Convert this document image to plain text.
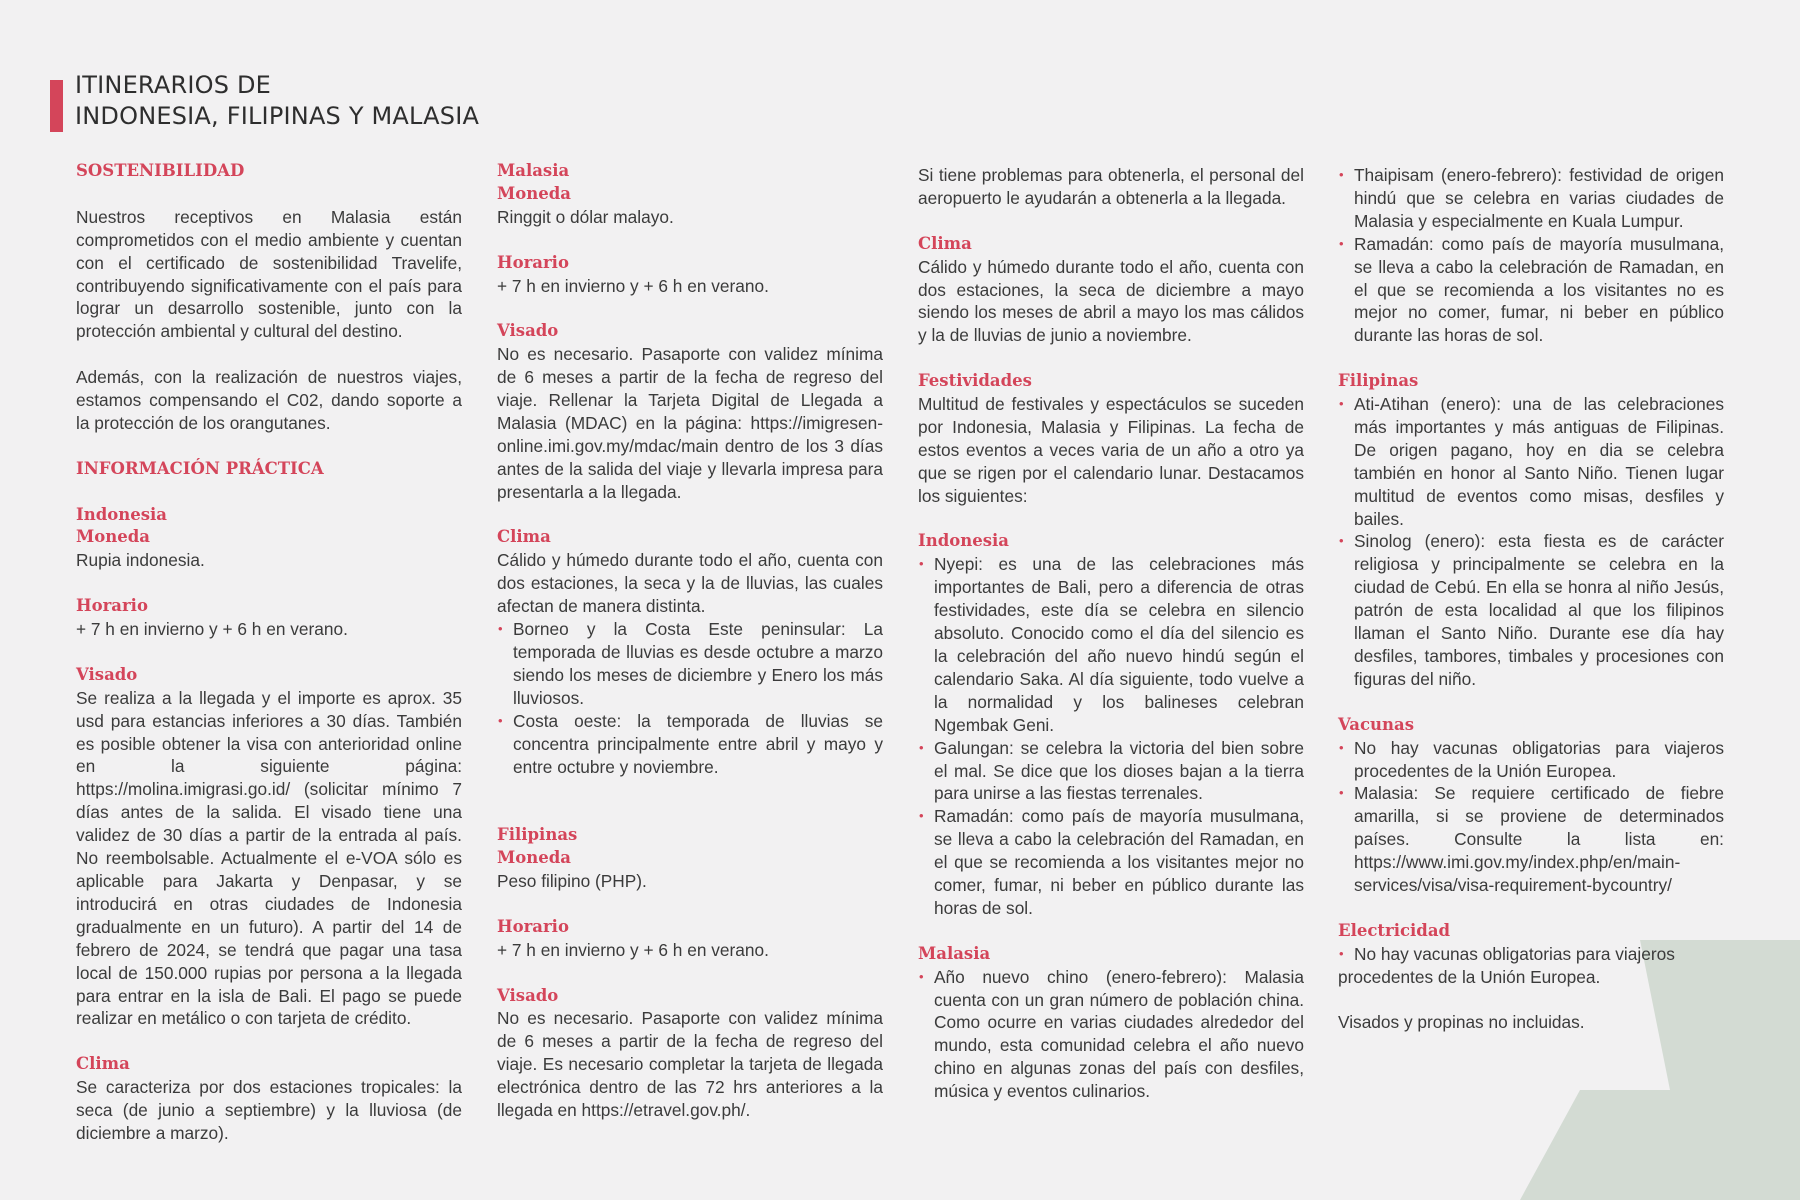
ITINERARIOS DE
INDONESIA, FILIPINAS Y MALASIA

SOSTENIBILIDAD

Nuestros receptivos en Malasia están comprometidos con el medio ambiente y cuentan con el certificado de sostenibilidad Travelife, contribuyendo significativamente con el país para lograr un desarrollo sostenible, junto con la protección ambiental y cultural del destino.

Además, con la realización de nuestros viajes, estamos compensando el C02, dando soporte a la protección de los orangutanes.

INFORMACIÓN PRÁCTICA

Indonesia

Moneda

Rupia indonesia.

Horario

+ 7 h en invierno y + 6 h en verano.

Visado

Se realiza a la llegada y el importe es aprox. 35 usd para estancias inferiores a 30 días. También es posible obtener la visa con anterioridad online en la siguiente página: https://molina.imigrasi.go.id/ (solicitar mínimo 7 días antes de la salida. El visado tiene una validez de 30 días a partir de la entrada al país. No reembolsable. Actualmente el e-VOA sólo es aplicable para Jakarta y Denpasar, y se introducirá en otras ciudades de Indonesia gradualmente en un futuro). A partir del 14 de febrero de 2024, se tendrá que pagar una tasa local de 150.000 rupias por persona a la llegada para entrar en la isla de Bali. El pago se puede realizar en metálico o con tarjeta de crédito.

Clima

Se caracteriza por dos estaciones tropicales: la seca (de junio a septiembre) y la lluviosa (de diciembre a marzo).

Malasia

Moneda

Ringgit o dólar malayo.

Horario

+ 7 h en invierno y + 6 h en verano.

Visado

No es necesario. Pasaporte con validez mínima de 6 meses a partir de la fecha de regreso del viaje. Rellenar la Tarjeta Digital de Llegada a Malasia (MDAC) en la página: https://imigresen-online.imi.gov.my/mdac/main dentro de los 3 días antes de la salida del viaje y llevarla impresa para presentarla a la llegada.

Clima

Cálido y húmedo durante todo el año, cuenta con dos estaciones, la seca y la de lluvias, las cuales afectan de manera distinta.

• Borneo y la Costa Este peninsular: La temporada de lluvias es desde octubre a marzo siendo los meses de diciembre y Enero los más lluviosos.
• Costa oeste: la temporada de lluvias se concentra principalmente entre abril y mayo y entre octubre y noviembre.

Filipinas

Moneda

Peso filipino (PHP).

Horario

+ 7 h en invierno y + 6 h en verano.

Visado

No es necesario. Pasaporte con validez mínima de 6 meses a partir de la fecha de regreso del viaje. Es necesario completar la tarjeta de llegada electrónica dentro de las 72 hrs anteriores a la llegada en https://etravel.gov.ph/.

Si tiene problemas para obtenerla, el personal del aeropuerto le ayudarán a obtenerla a la llegada.

Clima

Cálido y húmedo durante todo el año, cuenta con dos estaciones, la seca de diciembre a mayo siendo los meses de abril a mayo los mas cálidos y la de lluvias de junio a noviembre.

Festividades

Multitud de festivales y espectáculos se suceden por Indonesia, Malasia y Filipinas. La fecha de estos eventos a veces varia de un año a otro ya que se rigen por el calendario lunar. Destacamos los siguientes:

Indonesia

• Nyepi: es una de las celebraciones más importantes de Bali, pero a diferencia de otras festividades, este día se celebra en silencio absoluto. Conocido como el día del silencio es la celebración del año nuevo hindú según el calendario Saka. Al día siguiente, todo vuelve a la normalidad y los balineses celebran Ngembak Geni.
• Galungan: se celebra la victoria del bien sobre el mal. Se dice que los dioses bajan a la tierra para unirse a las fiestas terrenales.
• Ramadán: como país de mayoría musulmana, se lleva a cabo la celebración del Ramadan, en el que se recomienda a los visitantes mejor no comer, fumar, ni beber en público durante las horas de sol.

Malasia

• Año nuevo chino (enero-febrero): Malasia cuenta con un gran número de población china. Como ocurre en varias ciudades alrededor del mundo, esta comunidad celebra el año nuevo chino en algunas zonas del país con desfiles, música y eventos culinarios.
• Thaipisam (enero-febrero): festividad de origen hindú que se celebra en varias ciudades de Malasia y especialmente en Kuala Lumpur.
• Ramadán: como país de mayoría musulmana, se lleva a cabo la celebración de Ramadan, en el que se recomienda a los visitantes no es mejor no comer, fumar, ni beber en público durante las horas de sol.

Filipinas

• Ati-Atihan (enero): una de las celebraciones más importantes y más antiguas de Filipinas. De origen pagano, hoy en dia se celebra también en honor al Santo Niño. Tienen lugar multitud de eventos como misas, desfiles y bailes.
• Sinolog (enero): esta fiesta es de carácter religiosa y principalmente se celebra en la ciudad de Cebú. En ella se honra al niño Jesús, patrón de esta localidad al que los filipinos llaman el Santo Niño. Durante ese día hay desfiles, tambores, timbales y procesiones con figuras del niño.

Vacunas

• No hay vacunas obligatorias para viajeros procedentes de la Unión Europea.
• Malasia: Se requiere certificado de fiebre amarilla, si se proviene de determinados países. Consulte la lista en: https://www.imi.gov.my/index.php/en/main-services/visa/visa-requirement-bycountry/

Electricidad

• No hay vacunas obligatorias para viajeros

procedentes de la Unión Europea.

Visados y propinas no incluidas.
